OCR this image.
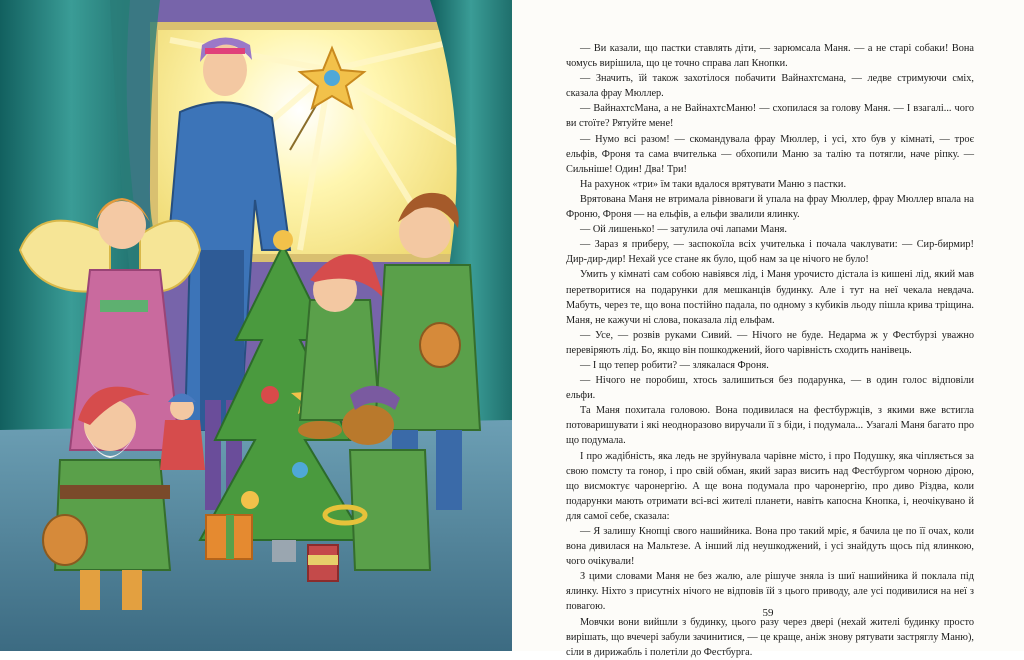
— Ви казали, що пастки ставлять діти, — зарюмсала Маня. — а не старі собаки! Вона чомусь вирішила, що це точно справа лап Кнопки.

— Значить, їй також захотілося побачити Вайнахтсмана, — ледве стримуючи сміх, сказала фрау Мюллер.

— ВайнахтсМана, а не ВайнахтсМаню! — схопилася за голову Маня. — І взагалі... чого ви стоїте? Рятуйте мене!

— Нумо всі разом! — скомандувала фрау Мюллер, і усі, хто був у кімнаті, — троє ельфів, Фроня та сама вчителька — обхопили Маню за талію та потягли, наче ріпку. — Сильніше! Один! Два! Три!

На рахунок «три» їм таки вдалося врятувати Маню з пастки.

Врятована Маня не втримала рівноваги й упала на фрау Мюллер, фрау Мюллер впала на Фроню, Фроня — на ельфів, а ельфи звалили ялинку.

— Ой лишенько! — затулила очі лапами Маня.

— Зараз я приберу, — заспокоїла всіх учителька і почала чаклувати: — Сир-бирмир! Дир-дир-дир! Нехай усе стане як було, щоб нам за це нічого не було!

Умить у кімнаті сам собою навіявся лід, і Маня урочисто дістала із кишені лід, який мав перетворитися на подарунки для мешканців будинку. Але і тут на неї чекала невдача. Мабуть, через те, що вона постійно падала, по одному з кубиків льоду пішла крива тріщина. Маня, не кажучи ні слова, показала лід ельфам.

— Усе, — розвів руками Сивий. — Нічого не буде. Недарма ж у Фестбурзі уважно перевіряють лід. Бо, якщо він пошкоджений, його чарівність сходить нанівець.

— І що тепер робити? — злякалася Фроня.

— Нічого не поробиш, хтось залишиться без подарунка, — в один голос відповіли ельфи.

Та Маня похитала головою. Вона подивилася на фестбуржців, з якими вже встигла потоваришувати і які неодноразово виручали її з біди, і подумала... Узагалі Маня багато про що подумала.

І про жадібність, яка ледь не зруйнувала чарівне місто, і про Подушку, яка чіпляється за свою помсту та гонор, і про свій обман, який зараз висить над Фестбургом чорною дірою, що висмоктує чаронергію. А ще вона подумала про чаронергію, про диво Різдва, коли подарунки мають отримати всі-всі жителі планети, навіть капосна Кнопка, і, неочікувано й для самої себе, сказала:

— Я залишу Кнопці свого нашийника. Вона про такий мріє, я бачила це по її очах, коли вона дивилася на Мальтезе. А інший лід неушкоджений, і усі знайдуть щось під ялинкою, чого очікували!

З цими словами Маня не без жалю, але рішуче зняла із шиї нашийника й поклала під ялинку. Ніхто з присутніх нічого не відповів їй з цього приводу, але усі подивилися на неї з повагою.

Мовчки вони вийшли з будинку, цього разу через двері (нехай жителі будинку просто вирішать, що вчечері забули зачинитися, — це краще, аніж знову рятувати застряглу Маню), сіли в дирижабль і полетіли до Фестбурга.

59
